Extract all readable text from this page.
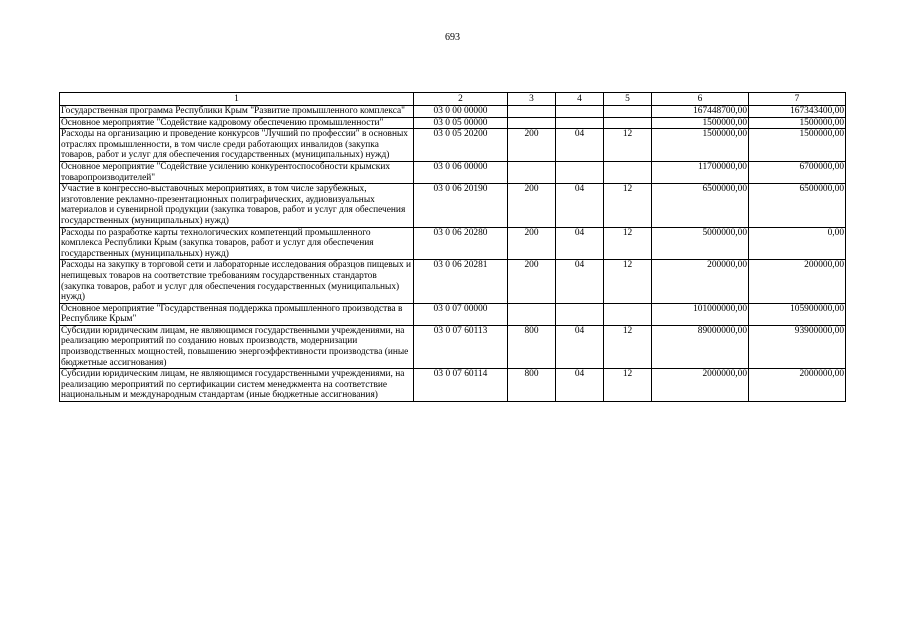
693
1	2	3	4	5	6	7
Государственная программа Республики Крым "Развитие промышленного комплекса"	03 0 00 00000				167448700,00	167343400,00
Основное мероприятие "Содействие кадровому обеспечению промышленности"	03 0 05 00000				1500000,00	1500000,00
Расходы на организацию и проведение конкурсов "Лучший по профессии" в основных отраслях промышленности, в том числе среди работающих инвалидов (закупка товаров, работ и услуг для обеспечения государственных (муниципальных) нужд)	03 0 05 20200	200	04	12	1500000,00	1500000,00
Основное мероприятие "Содействие усилению конкурентоспособности крымских товаропроизводителей"	03 0 06 00000				11700000,00	6700000,00
Участие в конгрессно-выставочных мероприятиях, в том числе зарубежных, изготовление рекламно-презентационных полиграфических, аудиовизуальных материалов и сувенирной продукции (закупка товаров, работ и услуг для обеспечения государственных (муниципальных) нужд)	03 0 06 20190	200	04	12	6500000,00	6500000,00
Расходы по разработке карты технологических компетенций промышленного комплекса Республики Крым (закупка товаров, работ и услуг для обеспечения государственных (муниципальных) нужд)	03 0 06 20280	200	04	12	5000000,00	0,00
Расходы на закупку в торговой сети и лабораторные исследования образцов пищевых и непищевых товаров на соответствие требованиям государственных стандартов (закупка товаров, работ и услуг для обеспечения государственных (муниципальных) нужд)	03 0 06 20281	200	04	12	200000,00	200000,00
Основное мероприятие "Государственная поддержка промышленного производства в Республике Крым"	03 0 07 00000				101000000,00	105900000,00
Субсидии юридическим лицам, не являющимся государственными учреждениями, на реализацию мероприятий по созданию новых производств, модернизации производственных мощностей, повышению энергоэффективности производства (иные бюджетные ассигнования)	03 0 07 60113	800	04	12	89000000,00	93900000,00
Субсидии юридическим лицам, не являющимся государственными учреждениями, на реализацию мероприятий по сертификации систем менеджмента на соответствие национальным и международным стандартам (иные бюджетные ассигнования)	03 0 07 60114	800	04	12	2000000,00	2000000,00
